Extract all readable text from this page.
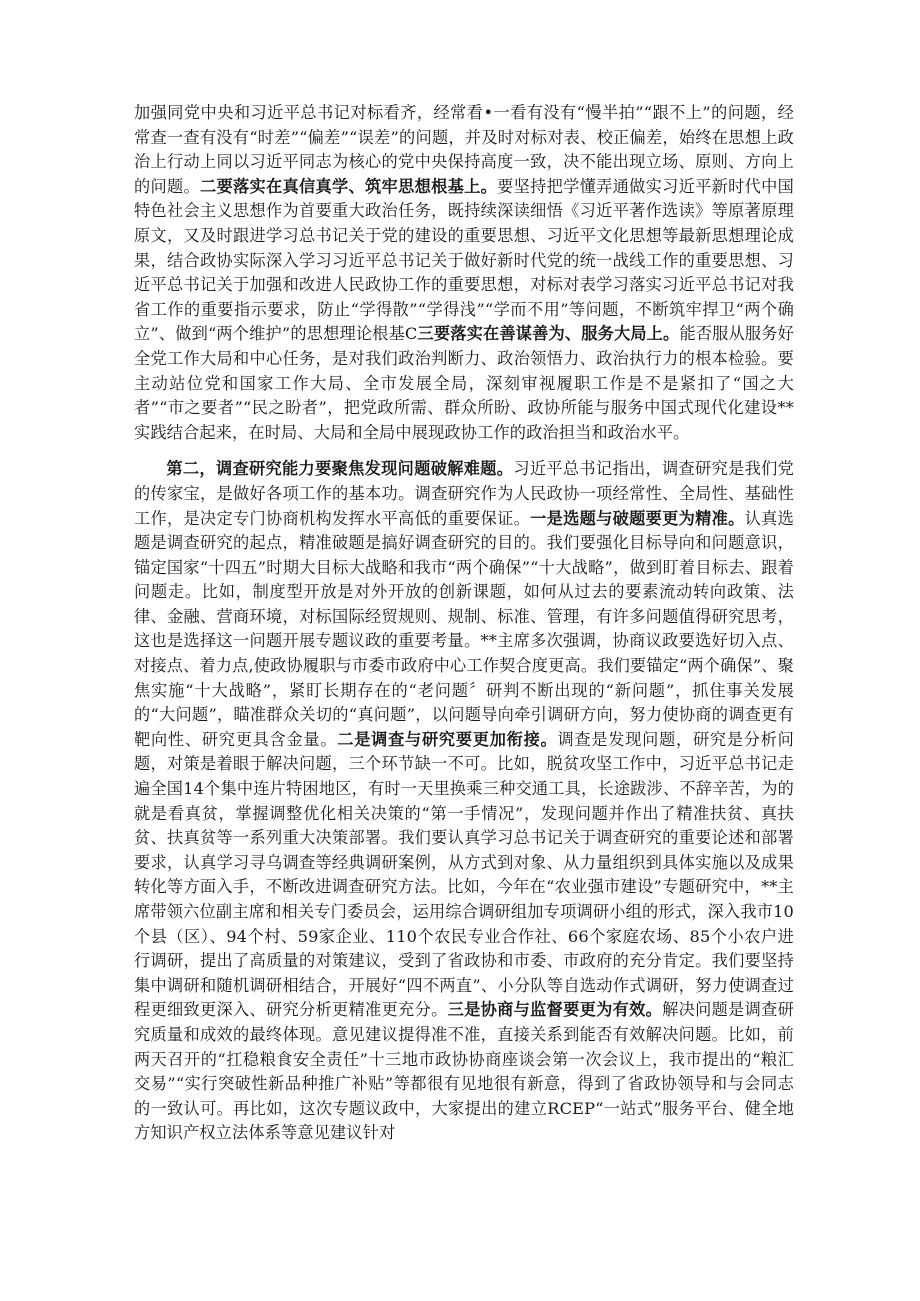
加强同党中央和习近平总书记对标看齐，经常看•一看有没有“慢半拍”“跟不上”的问题，经常查一查有没有“时差”“偏差”“误差”的问题，并及时对标对表、校正偏差，始终在思想上政治上行动上同以习近平同志为核心的党中央保持高度一致，决不能出现立场、原则、方向上的问题。二要落实在真信真学、筑牢思想根基上。要坚持把学懂弄通做实习近平新时代中国特色社会主义思想作为首要重大政治任务，既持续深读细悟《习近平著作选读》等原著原理原文，又及时跟进学习总书记关于党的建设的重要思想、习近平文化思想等最新思想理论成果，结合政协实际深入学习习近平总书记关于做好新时代党的统一战线工作的重要思想、习近平总书记关于加强和改进人民政协工作的重要思想，对标对表学习落实习近平总书记对我省工作的重要指示要求，防止“学得散”“学得浅”“学而不用”等问题，不断筑牢捍卫“两个确立”、做到“两个维护”的思想理论根基C三要落实在善谋善为、服务大局上。能否服从服务好全党工作大局和中心任务，是对我们政治判断力、政治领悟力、政治执行力的根本检验。要主动站位党和国家工作大局、全市发展全局，深刻审视履职工作是不是紧扣了“国之大者”“市之要者”“民之盼者”，把党政所需、群众所盼、政协所能与服务中国式现代化建设**实践结合起来，在时局、大局和全局中展现政协工作的政治担当和政治水平。

第二，调查研究能力要聚焦发现问题破解难题。习近平总书记指出，调查研究是我们党的传家宝，是做好各项工作的基本功。调查研究作为人民政协一项经常性、全局性、基础性工作，是决定专门协商机构发挥水平高低的重要保证。一是选题与破题要更为精准。认真选题是调查研究的起点，精准破题是搞好调查研究的目的。我们要强化目标导向和问题意识，锚定国家“十四五”时期大目标大战略和我市“两个确保”“十大战略”，做到盯着目标去、跟着问题走。比如，制度型开放是对外开放的创新课题，如何从过去的要素流动转向政策、法律、金融、营商环境，对标国际经贸规则、规制、标准、管理，有许多问题值得研究思考，这也是选择这一问题开展专题议政的重要考量。**主席多次强调，协商议政要选好切入点、对接点、着力点,使政协履职与市委市政府中心工作契合度更高。我们要锚定“两个确保”、聚焦实施“十大战略”，紧盯长期存在的“老问题〞研判不断出现的“新问题”，抓住事关发展的“大问题”，瞄准群众关切的“真问题”，以问题导向牵引调研方向，努力使协商的调查更有靶向性、研究更具含金量。二是调查与研究要更加衔接。调查是发现问题，研究是分析问题，对策是着眼于解决问题，三个环节缺一不可。比如，脱贫攻坚工作中，习近平总书记走遍全国14个集中连片特困地区，有时一天里换乘三种交通工具，长途跋涉、不辞辛苦，为的就是看真贫，掌握调整优化相关决策的“第一手情况”，发现问题并作出了精准扶贫、真扶贫、扶真贫等一系列重大决策部署。我们要认真学习总书记关于调查研究的重要论述和部署要求，认真学习寻乌调查等经典调研案例，从方式到对象、从力量组织到具体实施以及成果转化等方面入手，不断改进调查研究方法。比如，今年在“农业强市建设”专题研究中，**主席带领六位副主席和相关专门委员会，运用综合调研组加专项调研小组的形式，深入我市10个县（区）、94个村、59家企业、110个农民专业合作社、66个家庭农场、85个小农户进行调研，提出了高质量的对策建议，受到了省政协和市委、市政府的充分肯定。我们要坚持集中调研和随机调研相结合，开展好“四不两直”、小分队等自选动作式调研，努力使调查过程更细致更深入、研究分析更精准更充分。三是协商与监督要更为有效。解决问题是调查研究质量和成效的最终体现。意见建议提得准不准，直接关系到能否有效解决问题。比如，前两天召开的“扛稳粮食安全责任”十三地市政协协商座谈会第一次会议上，我市提出的“粮汇交易”“实行突破性新品种推广补贴”等都很有见地很有新意，得到了省政协领导和与会同志的一致认可。再比如，这次专题议政中，大家提出的建立RCEP“一站式”服务平台、健全地方知识产权立法体系等意见建议针对
